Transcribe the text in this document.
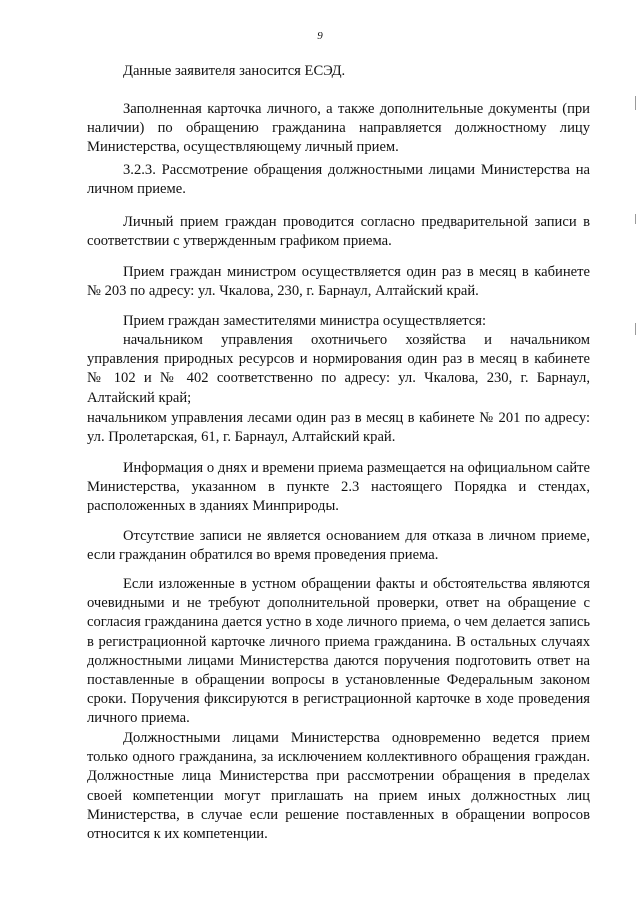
9

Данные заявителя заносится ЕСЭД.

Заполненная карточка личного, а также дополнительные документы (при наличии) по обращению гражданина направляется должностному лицу Министерства, осуществляющему личный прием.

3.2.3. Рассмотрение обращения должностными лицами Министерства на личном приеме.

Личный прием граждан проводится согласно предварительной записи в соответствии с утвержденным графиком приема.

Прием граждан министром осуществляется один раз в месяц в кабинете № 203 по адресу: ул. Чкалова, 230, г. Барнаул, Алтайский край.

Прием граждан заместителями министра осуществляется:

начальником управления охотничьего хозяйства и начальником управления природных ресурсов и нормирования один раз в месяц в кабинете № 102 и № 402 соответственно по адресу: ул. Чкалова, 230, г. Барнаул, Алтайский край;

начальником управления лесами один раз в месяц в кабинете № 201 по адресу: ул. Пролетарская, 61, г. Барнаул, Алтайский край.

Информация о днях и времени приема размещается на официальном сайте Министерства, указанном в пункте 2.3 настоящего Порядка и стендах, расположенных в зданиях Минприроды.

Отсутствие записи не является основанием для отказа в личном приеме, если гражданин обратился во время проведения приема.

Если изложенные в устном обращении факты и обстоятельства являются очевидными и не требуют дополнительной проверки, ответ на обращение с согласия гражданина дается устно в ходе личного приема, о чем делается запись в регистрационной карточке личного приема гражданина. В остальных случаях должностными лицами Министерства даются поручения подготовить ответ на поставленные в обращении вопросы в установленные Федеральным законом сроки. Поручения фиксируются в регистрационной карточке в ходе проведения личного приема.

Должностными лицами Министерства одновременно ведется прием только одного гражданина, за исключением коллективного обращения граждан. Должностные лица Министерства при рассмотрении обращения в пределах своей компетенции могут приглашать на прием иных должностных лиц Министерства, в случае если решение поставленных в обращении вопросов относится к их компетенции.
